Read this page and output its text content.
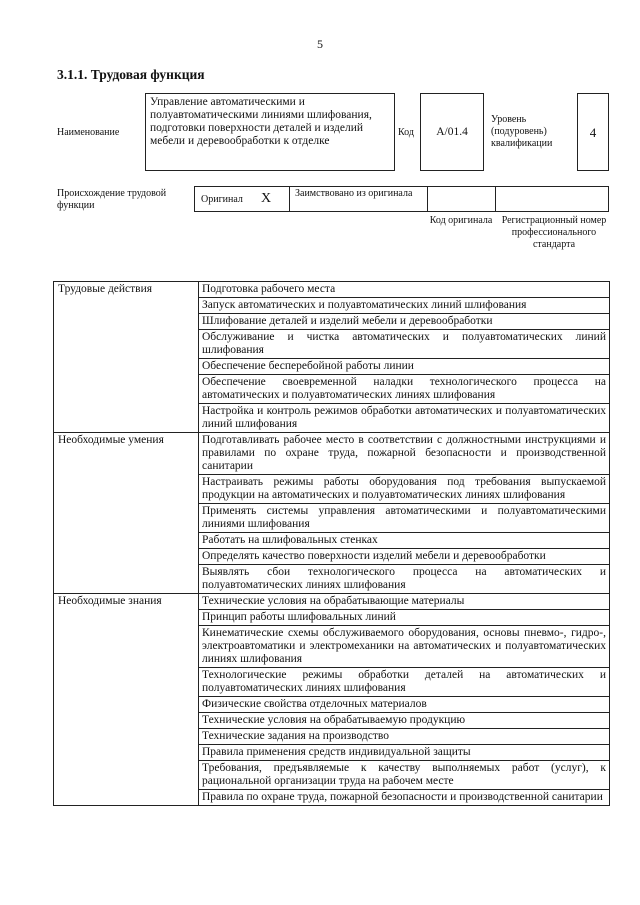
5
3.1.1. Трудовая функция
Наименование
Управление автоматическими и полуавтоматическими линиями шлифования, подготовки поверхности деталей и изделий мебели и деревообработки к отделке
Код	A/01.4
Уровень (подуровень) квалификации
4
Происхождение трудовой функции
Оригинал X Заимствовано из оригинала
Код оригинала Регистрационный номер профессионального стандарта
Трудовые действия	Подготовка рабочего места
	Запуск автоматических и полуавтоматических линий шлифования
	Шлифование деталей и изделий мебели и деревообработки
	Обслуживание и чистка автоматических и полуавтоматических линий шлифования
	Обеспечение бесперебойной работы линии
	Обеспечение своевременной наладки технологического процесса на автоматических и полуавтоматических линиях шлифования
	Настройка и контроль режимов обработки автоматических и полуавтоматических линий шлифования
Необходимые умения	Подготавливать рабочее место в соответствии с должностными инструкциями и правилами по охране труда, пожарной безопасности и производственной санитарии
	Настраивать режимы работы оборудования под требования выпускаемой продукции на автоматических и полуавтоматических линиях шлифования
	Применять системы управления автоматическими и полуавтоматическими линиями шлифования
	Работать на шлифовальных стенках
	Определять качество поверхности изделий мебели и деревообработки
	Выявлять сбои технологического процесса на автоматических и полуавтоматических линиях шлифования
Необходимые знания	Технические условия на обрабатывающие материалы
	Принцип работы шлифовальных линий
	Кинематические схемы обслуживаемого оборудования, основы пневмо-, гидро-, электроавтоматики и электромеханики на автоматических и полуавтоматических линиях шлифования
	Технологические режимы обработки деталей на автоматических и полуавтоматических линиях шлифования
	Физические свойства отделочных материалов
	Технические условия на обрабатываемую продукцию
	Технические задания на производство
	Правила применения средств индивидуальной защиты
	Требования, предъявляемые к качеству выполняемых работ (услуг), к рациональной организации труда на рабочем месте
	Правила по охране труда, пожарной безопасности и производственной санитарии
